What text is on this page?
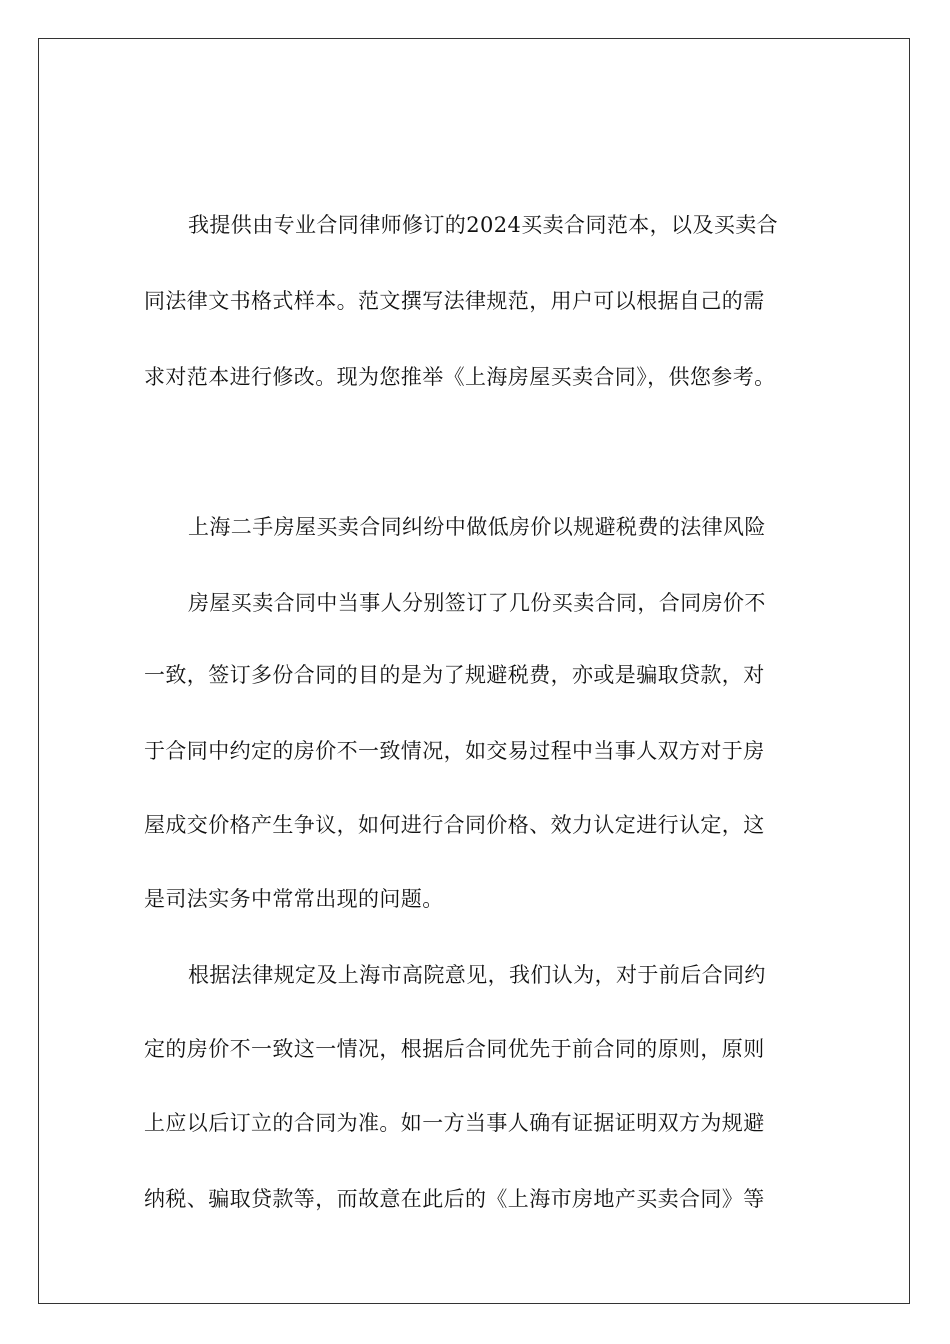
我提供由专业合同律师修订的2024买卖合同范本，以及买卖合
同法律文书格式样本。范文撰写法律规范，用户可以根据自己的需
求对范本进行修改。现为您推举《上海房屋买卖合同》，供您参考。
上海二手房屋买卖合同纠纷中做低房价以规避税费的法律风险
房屋买卖合同中当事人分别签订了几份买卖合同，合同房价不
一致，签订多份合同的目的是为了规避税费，亦或是骗取贷款，对
于合同中约定的房价不一致情况，如交易过程中当事人双方对于房
屋成交价格产生争议，如何进行合同价格、效力认定进行认定，这
是司法实务中常常出现的问题。
根据法律规定及上海市高院意见，我们认为，对于前后合同约
定的房价不一致这一情况，根据后合同优先于前合同的原则，原则
上应以后订立的合同为准。如一方当事人确有证据证明双方为规避
纳税、骗取贷款等，而故意在此后的《上海市房地产买卖合同》等
